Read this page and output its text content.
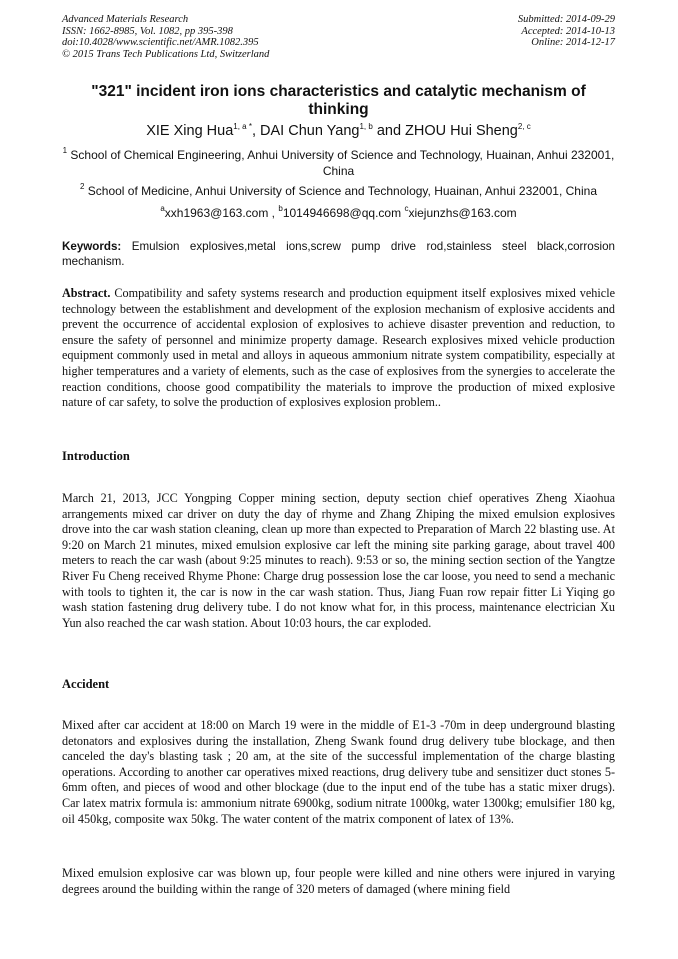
Advanced Materials Research
ISSN: 1662-8985, Vol. 1082, pp 395-398
doi:10.4028/www.scientific.net/AMR.1082.395
© 2015 Trans Tech Publications Ltd, Switzerland
Submitted: 2014-09-29
Accepted: 2014-10-13
Online: 2014-12-17
"321" incident iron ions characteristics and catalytic mechanism of thinking
XIE Xing Hua$^{1, a *}$, DAI Chun Yang$^{1, b}$ and ZHOU Hui Sheng$^{2, c}$
$^1$ School of Chemical Engineering, Anhui University of Science and Technology, Huainan, Anhui 232001, China
$^2$ School of Medicine, Anhui University of Science and Technology, Huainan, Anhui 232001, China
$^a$xxh1963@163.com , $^b$1014946698@qq.com $^c$xiejunzhs@163.com
Keywords: Emulsion explosives,metal ions,screw pump drive rod,stainless steel black,corrosion mechanism.
Abstract. Compatibility and safety systems research and production equipment itself explosives mixed vehicle technology between the establishment and development of the explosion mechanism of explosive accidents and prevent the occurrence of accidental explosion of explosives to achieve disaster prevention and reduction, to ensure the safety of personnel and minimize property damage. Research explosives mixed vehicle production equipment commonly used in metal and alloys in aqueous ammonium nitrate system compatibility, especially at higher temperatures and a variety of elements, such as the case of explosives from the synergies to accelerate the reaction conditions, choose good compatibility the materials to improve the production of mixed explosive nature of car safety, to solve the production of explosives explosion problem..
Introduction
March 21, 2013, JCC Yongping Copper mining section, deputy section chief operatives Zheng Xiaohua arrangements mixed car driver on duty the day of rhyme and Zhang Zhiping the mixed emulsion explosives drove into the car wash station cleaning, clean up more than expected to Preparation of March 22 blasting use. At 9:20 on March 21 minutes, mixed emulsion explosive car left the mining site parking garage, about travel 400 meters to reach the car wash (about 9:25 minutes to reach). 9:53 or so, the mining section section of the Yangtze River Fu Cheng received Rhyme Phone: Charge drug possession lose the car loose, you need to send a mechanic with tools to tighten it, the car is now in the car wash station. Thus, Jiang Fuan row repair fitter Li Yiqing go wash station fastening drug delivery tube. I do not know what for, in this process, maintenance electrician Xu Yun also reached the car wash station. About 10:03 hours, the car exploded.
Accident
Mixed after car accident at 18:00 on March 19 were in the middle of E1-3 -70m in deep underground blasting detonators and explosives during the installation, Zheng Swank found drug delivery tube blockage, and then canceled the day's blasting task ; 20 am, at the site of the successful implementation of the charge blasting operations. According to another car operatives mixed reactions, drug delivery tube and sensitizer duct stones 5-6mm often, and pieces of wood and other blockage (due to the input end of the tube has a static mixer drugs). Car latex matrix formula is: ammonium nitrate 6900kg, sodium nitrate 1000kg, water 1300kg; emulsifier 180 kg, oil 450kg, composite wax 50kg. The water content of the matrix component of latex of 13%.
Mixed emulsion explosive car was blown up, four people were killed and nine others were injured in varying degrees around the building within the range of 320 meters of damaged (where mining field
